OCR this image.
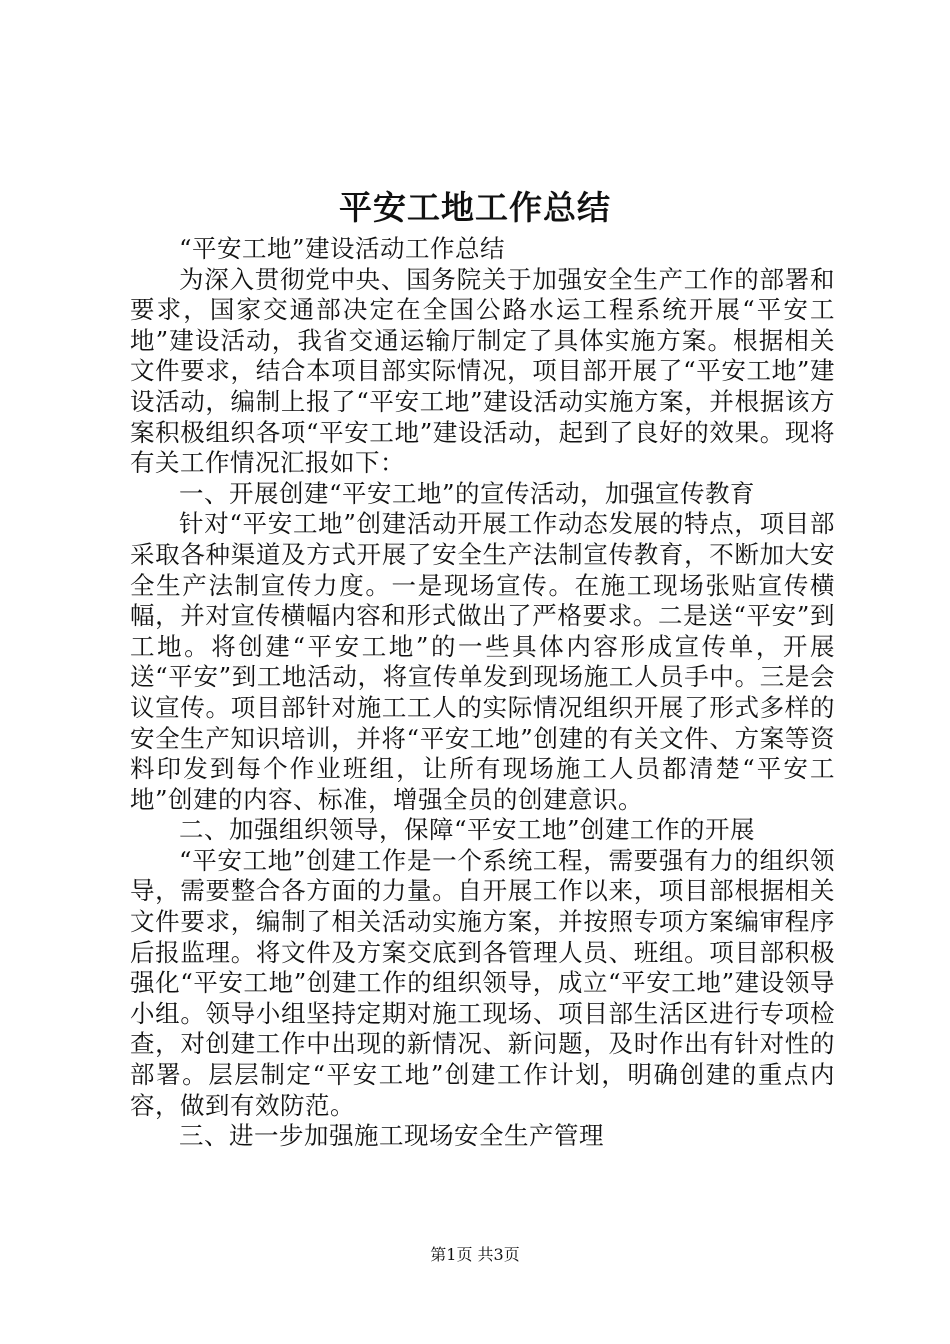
平安工地工作总结

“平安工地”建设活动工作总结

为深入贯彻党中央、国务院关于加强安全生产工作的部署和要求，国家交通部决定在全国公路水运工程系统开展“平安工地”建设活动，我省交通运输厅制定了具体实施方案。根据相关文件要求，结合本项目部实际情况，项目部开展了“平安工地”建设活动，编制上报了“平安工地”建设活动实施方案，并根据该方案积极组织各项“平安工地”建设活动，起到了良好的效果。现将有关工作情况汇报如下：

一、开展创建“平安工地”的宣传活动，加强宣传教育

针对“平安工地”创建活动开展工作动态发展的特点，项目部采取各种渠道及方式开展了安全生产法制宣传教育，不断加大安全生产法制宣传力度。一是现场宣传。在施工现场张贴宣传横幅，并对宣传横幅内容和形式做出了严格要求。二是送“平安”到工地。将创建“平安工地”的一些具体内容形成宣传单，开展送“平安”到工地活动，将宣传单发到现场施工人员手中。三是会议宣传。项目部针对施工工人的实际情况组织开展了形式多样的安全生产知识培训，并将“平安工地”创建的有关文件、方案等资料印发到每个作业班组，让所有现场施工人员都清楚“平安工地”创建的内容、标准，增强全员的创建意识。

二、加强组织领导，保障“平安工地”创建工作的开展

“平安工地”创建工作是一个系统工程，需要强有力的组织领导，需要整合各方面的力量。自开展工作以来，项目部根据相关文件要求，编制了相关活动实施方案，并按照专项方案编审程序后报监理。将文件及方案交底到各管理人员、班组。项目部积极强化“平安工地”创建工作的组织领导，成立“平安工地”建设领导小组。领导小组坚持定期对施工现场、项目部生活区进行专项检查，对创建工作中出现的新情况、新问题，及时作出有针对性的部署。层层制定“平安工地”创建工作计划，明确创建的重点内容，做到有效防范。

三、进一步加强施工现场安全生产管理

第1页 共3页
